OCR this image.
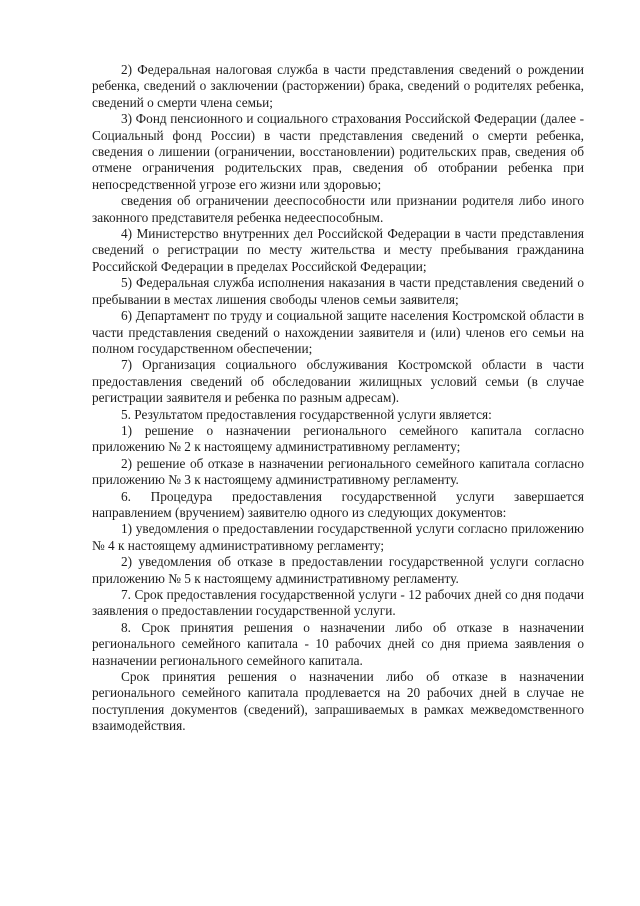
2) Федеральная налоговая служба в части представления сведений о рождении ребенка, сведений о заключении (расторжении) брака, сведений о родителях ребенка, сведений о смерти члена семьи;

3) Фонд пенсионного и социального страхования Российской Федерации (далее - Социальный фонд России) в части представления сведений о смерти ребенка, сведения о лишении (ограничении, восстановлении) родительских прав, сведения об отмене ограничения родительских прав, сведения об отобрании ребенка при непосредственной угрозе его жизни или здоровью;

сведения об ограничении дееспособности или признании родителя либо иного законного представителя ребенка недееспособным.

4) Министерство внутренних дел Российской Федерации в части представления сведений о регистрации по месту жительства и месту пребывания гражданина Российской Федерации в пределах Российской Федерации;

5) Федеральная служба исполнения наказания в части представления сведений о пребывании в местах лишения свободы членов семьи заявителя;

6) Департамент по труду и социальной защите населения Костромской области в части представления сведений о нахождении заявителя и (или) членов его семьи на полном государственном обеспечении;

7) Организация социального обслуживания Костромской области в части предоставления сведений об обследовании жилищных условий семьи (в случае регистрации заявителя и ребенка по разным адресам).

5. Результатом предоставления государственной услуги является:

1) решение о назначении регионального семейного капитала согласно приложению № 2 к настоящему административному регламенту;

2) решение об отказе в назначении регионального семейного капитала согласно приложению № 3 к настоящему административному регламенту.

6. Процедура предоставления государственной услуги завершается направлением (вручением) заявителю одного из следующих документов:

1) уведомления о предоставлении государственной услуги согласно приложению № 4 к настоящему административному регламенту;

2) уведомления об отказе в предоставлении государственной услуги согласно приложению № 5 к настоящему административному регламенту.

7. Срок предоставления государственной услуги - 12 рабочих дней со дня подачи заявления о предоставлении государственной услуги.

8. Срок принятия решения о назначении либо об отказе в назначении регионального семейного капитала - 10 рабочих дней со дня приема заявления о назначении регионального семейного капитала.

Срок принятия решения о назначении либо об отказе в назначении регионального семейного капитала продлевается на 20 рабочих дней в случае не поступления документов (сведений), запрашиваемых в рамках межведомственного взаимодействия.
